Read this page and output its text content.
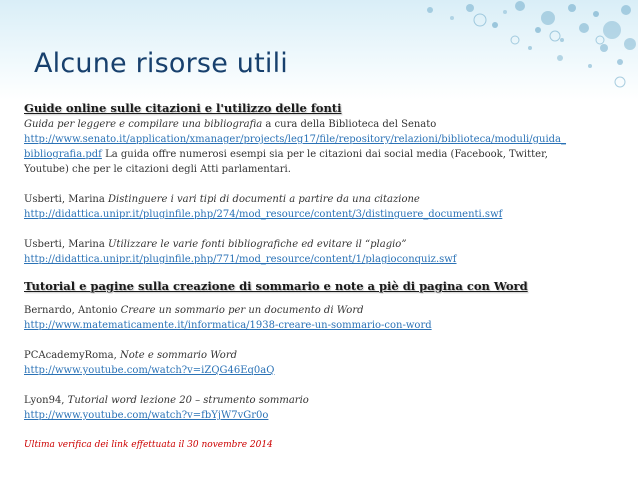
Alcune risorse utili

Guide online sulle citazioni e l'utilizzo delle fonti

Guida per leggere e compilare una bibliografia a cura della Biblioteca del Senato

http://www.senato.it/application/xmanager/projects/leg17/file/repository/relazioni/biblioteca/moduli/guida_

bibliografia.pdf La guida offre numerosi esempi sia per le citazioni dai social media (Facebook, Twitter,

Youtube) che per le citazioni degli Atti parlamentari.

Usberti, Marina Distinguere i vari tipi di documenti a partire da una citazione

http://didattica.unipr.it/pluginfile.php/274/mod_resource/content/3/distinguere_documenti.swf

Usberti, Marina Utilizzare le varie fonti bibliografiche ed evitare il “plagio”

http://didattica.unipr.it/pluginfile.php/771/mod_resource/content/1/plagioconquiz.swf

Tutorial e pagine sulla creazione di sommario e note a piè di pagina con Word

Bernardo, Antonio Creare un sommario per un documento di Word

http://www.matematicamente.it/informatica/1938-creare-un-sommario-con-word

PCAcademyRoma, Note e sommario Word

http://www.youtube.com/watch?v=iZQG46Eq0aQ

Lyon94, Tutorial word lezione 20 – strumento sommario

http://www.youtube.com/watch?v=fbYjW7vGr0o

Ultima verifica dei link effettuata il 30 novembre 2014
